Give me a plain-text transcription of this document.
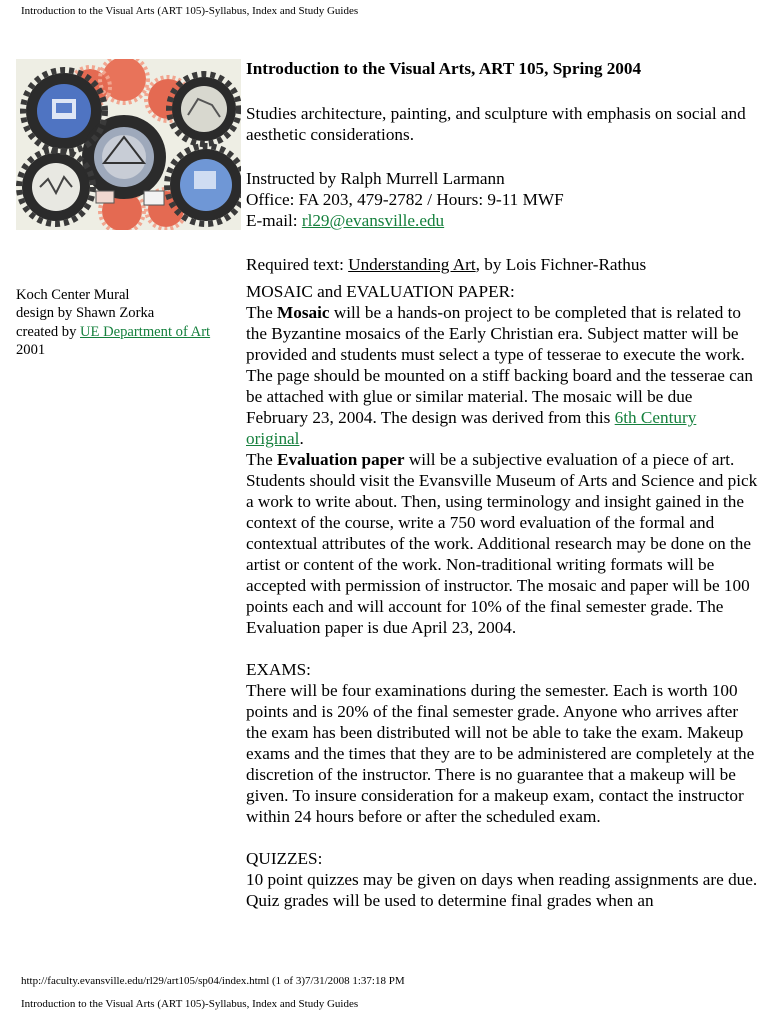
Introduction to the Visual Arts (ART 105)-Syllabus, Index and Study Guides
Koch Center Mural
design by Shawn Zorka
created by UE Department of Art
2001

Introduction to the Visual Arts, ART 105, Spring 2004

Studies architecture, painting, and sculpture with emphasis on social and aesthetic considerations.

Instructed by Ralph Murrell Larmann

Office: FA 203, 479-2782 / Hours: 9-11 MWF

E-mail: rl29@evansville.edu

Required text: Understanding Art, by Lois Fichner-Rathus

MOSAIC and EVALUATION PAPER:

The Mosaic will be a hands-on project to be completed that is related to the Byzantine mosaics of the Early Christian era. Subject matter will be provided and students must select a type of tesserae to execute the work. The page should be mounted on a stiff backing board and the tesserae can be attached with glue or similar material. The mosaic will be due February 23, 2004. The design was derived from this 6th Century original.

The Evaluation paper will be a subjective evaluation of a piece of art. Students should visit the Evansville Museum of Arts and Science and pick a work to write about. Then, using terminology and insight gained in the context of the course, write a 750 word evaluation of the formal and contextual attributes of the work. Additional research may be done on the artist or content of the work. Non-traditional writing formats will be accepted with permission of instructor. The mosaic and paper will be 100 points each and will account for 10% of the final semester grade. The Evaluation paper is due April 23, 2004.

EXAMS:

There will be four examinations during the semester. Each is worth 100 points and is 20% of the final semester grade. Anyone who arrives after the exam has been distributed will not be able to take the exam. Makeup exams and the times that they are to be administered are completely at the discretion of the instructor. There is no guarantee that a makeup will be given. To insure consideration for a makeup exam, contact the instructor within 24 hours before or after the scheduled exam.

QUIZZES:

10 point quizzes may be given on days when reading assignments are due. Quiz grades will be used to determine final grades when an

http://faculty.evansville.edu/rl29/art105/sp04/index.html (1 of 3)7/31/2008 1:37:18 PM
Introduction to the Visual Arts (ART 105)-Syllabus, Index and Study Guides
